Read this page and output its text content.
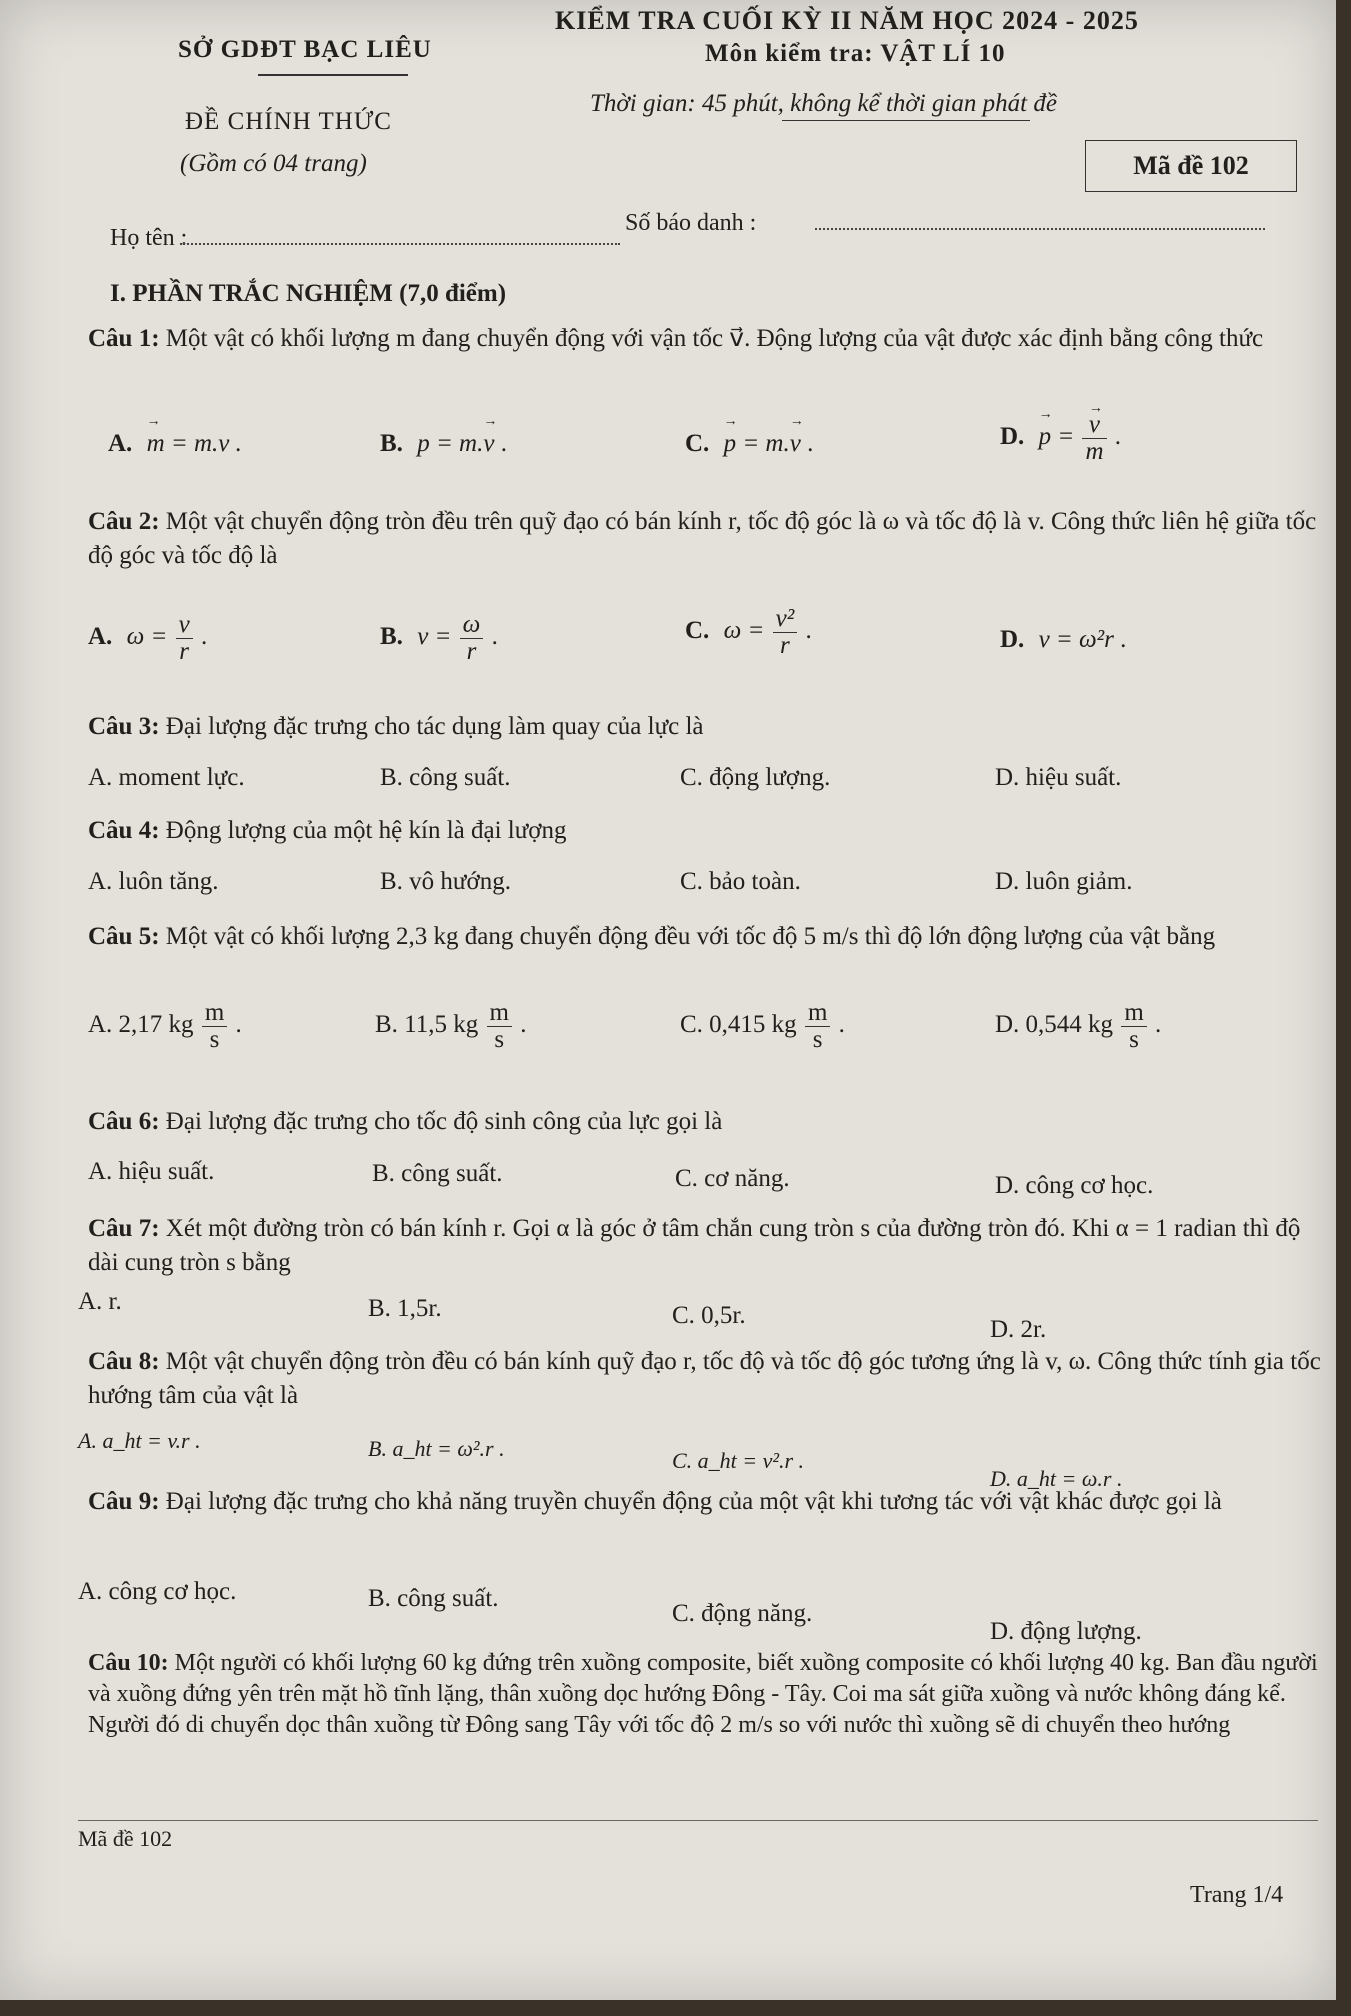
SỞ GDĐT BẠC LIÊU
KIỂM TRA CUỐI KỲ II NĂM HỌC 2024 - 2025
Môn kiểm tra: VẬT LÍ 10
ĐỀ CHÍNH THỨC
Thời gian: 45 phút, không kể thời gian phát đề
(Gồm có 04 trang)	Mã đề 102
Họ tên :
Số báo danh :
I. PHẦN TRẮC NGHIỆM (7,0 điểm)
Câu 1: Một vật có khối lượng m đang chuyển động với vận tốc v⃗. Động lượng của vật được xác định bằng công thức
A. → m = m.v .	B. p = m.→ v .	C. → p = m.→ v .	D. → p = → $\frac{v}{m}$ .
Câu 2: Một vật chuyển động tròn đều trên quỹ đạo có bán kính r, tốc độ góc là ω và tốc độ là v. Công thức liên hệ giữa tốc độ góc và tốc độ là
A. $\omega = \frac{v}{r}$ .	B. $v = \frac{\omega}{r}$ .	C. $\omega = \frac{\text{v²}}{r}$ .	D. v = ω²r .
Câu 3: Đại lượng đặc trưng cho tác dụng làm quay của lực là
A. moment lực.	B. công suất.	C. động lượng.	D. hiệu suất.
Câu 4: Động lượng của một hệ kín là đại lượng
A. luôn tăng.	B. vô hướng.	C. bảo toàn.	D. luôn giảm.
Câu 5: Một vật có khối lượng 2,3 kg đang chuyển động đều với tốc độ 5 m/s thì độ lớn động lượng của vật bằng
A. 2,17 kg $\frac{m}{s}$ .	B. 11,5 kg $\frac{m}{s}$ .	C. 0,415 kg $\frac{m}{s}$ .	D. 0,544 kg $\frac{m}{s}$ .
Câu 6: Đại lượng đặc trưng cho tốc độ sinh công của lực gọi là
A. hiệu suất.	B. công suất.	C. cơ năng.	D. công cơ học.
Câu 7: Xét một đường tròn có bán kính r. Gọi α là góc ở tâm chắn cung tròn s của đường tròn đó. Khi α = 1 radian thì độ dài cung tròn s bằng
A. r.	B. 1,5r.	C. 0,5r.
D. 2r.
Câu 8: Một vật chuyển động tròn đều có bán kính quỹ đạo r, tốc độ và tốc độ góc tương ứng là v, ω. Công thức tính gia tốc hướng tâm của vật là
A. a_ht = v.r .	B. a_ht = ω².r .	C. a_ht = v².r .
D. a_ht = ω.r .
Câu 9: Đại lượng đặc trưng cho khả năng truyền chuyển động của một vật khi tương tác với vật khác được gọi là
A. công cơ học.	B. công suất.
C. động năng.
D. động lượng.
Câu 10: Một người có khối lượng 60 kg đứng trên xuồng composite, biết xuồng composite có khối lượng 40 kg. Ban đầu người và xuồng đứng yên trên mặt hồ tĩnh lặng, thân xuồng dọc hướng Đông - Tây. Coi ma sát giữa xuồng và nước không đáng kể. Người đó di chuyển dọc thân xuồng từ Đông sang Tây với tốc độ 2 m/s so với nước thì xuồng sẽ di chuyển theo hướng
Mã đề 102
Trang 1/4
